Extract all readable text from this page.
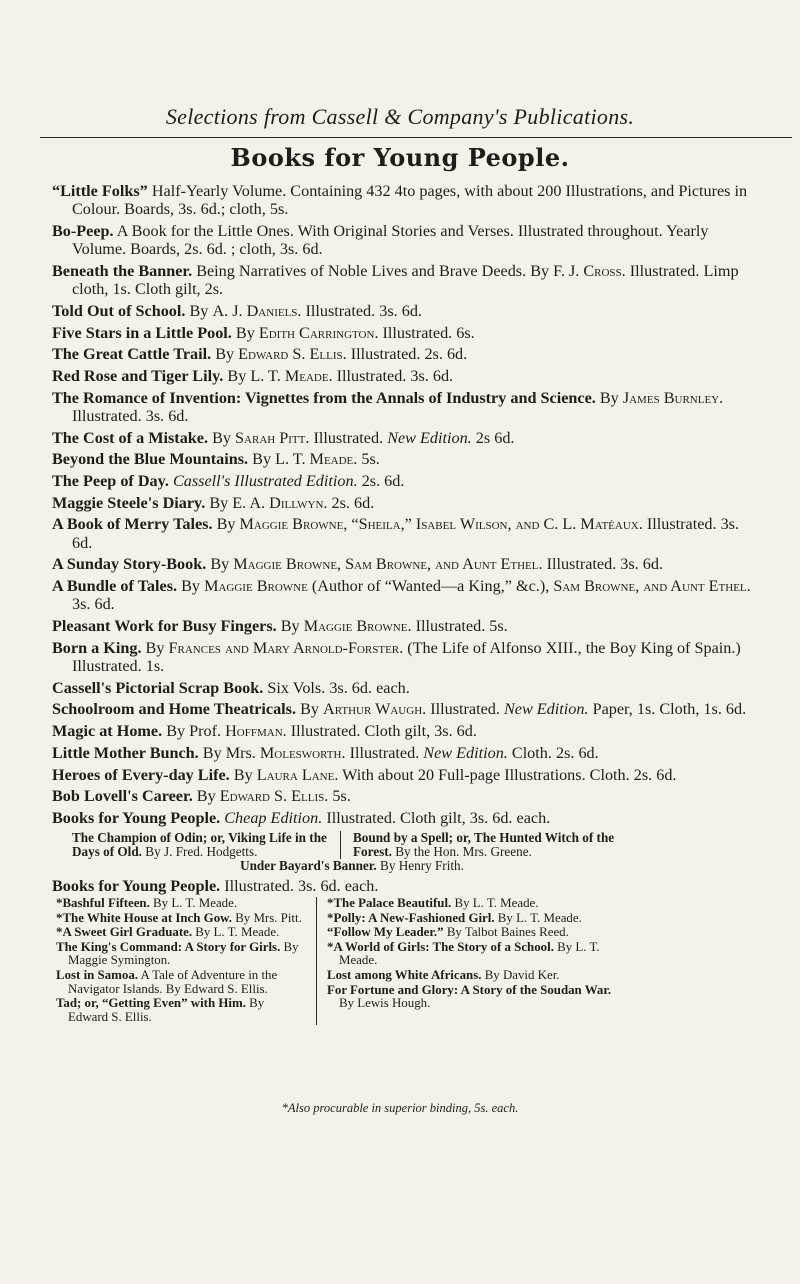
Selections from Cassell & Company's Publications.
Books for Young People.
“Little Folks” Half-Yearly Volume. Containing 432 4to pages, with about 200 Illustrations, and Pictures in Colour. Boards, 3s. 6d.; cloth, 5s.
Bo-Peep. A Book for the Little Ones. With Original Stories and Verses. Illustrated throughout. Yearly Volume. Boards, 2s. 6d. ; cloth, 3s. 6d.
Beneath the Banner. Being Narratives of Noble Lives and Brave Deeds. By F. J. Cross. Illustrated. Limp cloth, 1s. Cloth gilt, 2s.
Told Out of School. By A. J. Daniels. Illustrated. 3s. 6d.
Five Stars in a Little Pool. By Edith Carrington. Illustrated. 6s.
The Great Cattle Trail. By Edward S. Ellis. Illustrated. 2s. 6d.
Red Rose and Tiger Lily. By L. T. Meade. Illustrated. 3s. 6d.
The Romance of Invention: Vignettes from the Annals of Industry and Science. By James Burnley. Illustrated. 3s. 6d.
The Cost of a Mistake. By Sarah Pitt. Illustrated. New Edition. 2s 6d.
Beyond the Blue Mountains. By L. T. Meade. 5s.
The Peep of Day. Cassell's Illustrated Edition. 2s. 6d.
Maggie Steele's Diary. By E. A. Dillwyn. 2s. 6d.
A Book of Merry Tales. By Maggie Browne, “Sheila,” Isabel Wilson, and C. L. Matéaux. Illustrated. 3s. 6d.
A Sunday Story-Book. By Maggie Browne, Sam Browne, and Aunt Ethel. Illustrated. 3s. 6d.
A Bundle of Tales. By Maggie Browne (Author of “Wanted—a King,” &c.), Sam Browne, and Aunt Ethel. 3s. 6d.
Pleasant Work for Busy Fingers. By Maggie Browne. Illustrated. 5s.
Born a King. By Frances and Mary Arnold-Forster. (The Life of Alfonso XIII., the Boy King of Spain.) Illustrated. 1s.
Cassell's Pictorial Scrap Book. Six Vols. 3s. 6d. each.
Schoolroom and Home Theatricals. By Arthur Waugh. Illustrated. New Edition. Paper, 1s. Cloth, 1s. 6d.
Magic at Home. By Prof. Hoffman. Illustrated. Cloth gilt, 3s. 6d.
Little Mother Bunch. By Mrs. Molesworth. Illustrated. New Edition. Cloth. 2s. 6d.
Heroes of Every-day Life. By Laura Lane. With about 20 Full-page Illustrations. Cloth. 2s. 6d.
Bob Lovell's Career. By Edward S. Ellis. 5s.
Books for Young People. Cheap Edition. Illustrated. Cloth gilt, 3s. 6d. each.
The Champion of Odin; or, Viking Life in the Days of Old. By J. Fred. Hodgetts.
Bound by a Spell; or, The Hunted Witch of the Forest. By the Hon. Mrs. Greene.
Under Bayard's Banner. By Henry Frith.
Books for Young People. Illustrated. 3s. 6d. each.
*Bashful Fifteen. By L. T. Meade.
*The White House at Inch Gow. By Mrs. Pitt.
*A Sweet Girl Graduate. By L. T. Meade.
The King's Command: A Story for Girls. By Maggie Symington.
Lost in Samoa. A Tale of Adventure in the Navigator Islands. By Edward S. Ellis.
Tad; or, “Getting Even” with Him. By Edward S. Ellis.
*The Palace Beautiful. By L. T. Meade.
*Polly: A New-Fashioned Girl. By L. T. Meade.
“Follow My Leader.” By Talbot Baines Reed.
*A World of Girls: The Story of a School. By L. T. Meade.
Lost among White Africans. By David Ker.
For Fortune and Glory: A Story of the Soudan War. By Lewis Hough.
*Also procurable in superior binding, 5s. each.
